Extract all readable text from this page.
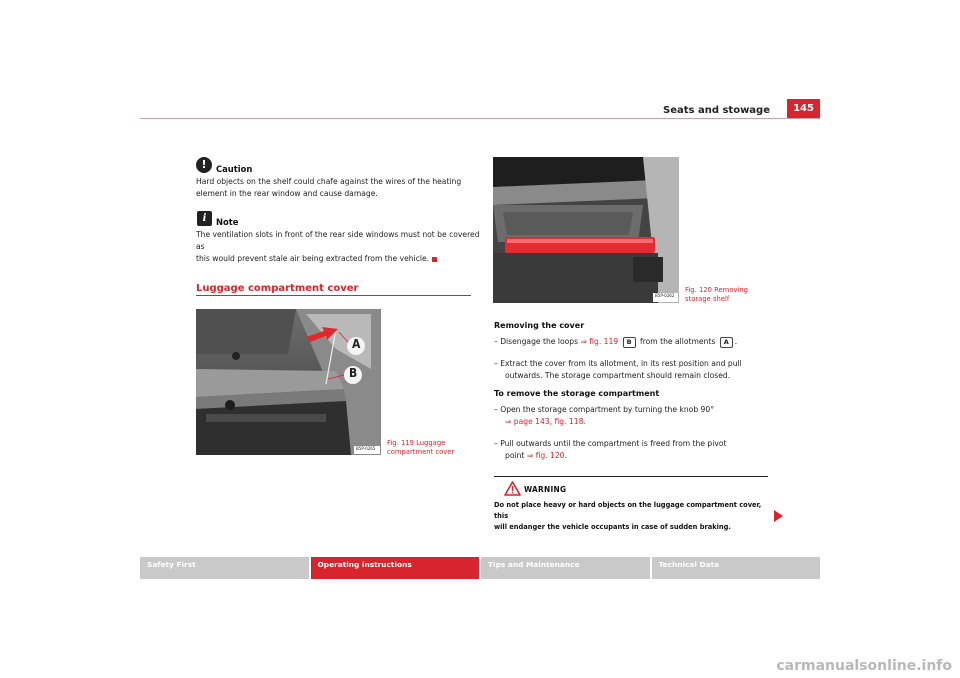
Seats and stowage	145
!	Caution
Hard objects on the shelf could chafe against the wires of the heating
element in the rear window and cause damage.
i	Note
The ventilation slots in front of the rear side windows must not be covered as
this would prevent stale air being extracted from the vehicle.
Luggage compartment cover
A
B
B5P-0265
Fig. 119 Luggage
compartment cover
B5P-0262
Fig. 120 Removing
storage shelf
Removing the cover
– Disengage the loops ⇒ fig. 119 B from the allotments A .
– Extract the cover from its allotment, in its rest position and pull
outwards. The storage compartment should remain closed.
To remove the storage compartment
– Open the storage compartment by turning the knob 90°
⇒ page 143, fig. 118.
– Pull outwards until the compartment is freed from the pivot
point ⇒ fig. 120.
WARNING
Do not place heavy or hard objects on the luggage compartment cover, this
will endanger the vehicle occupants in case of sudden braking.
Safety First	Operating instructions	Tips and Maintenance	Technical Data
carmanualsonline.info
